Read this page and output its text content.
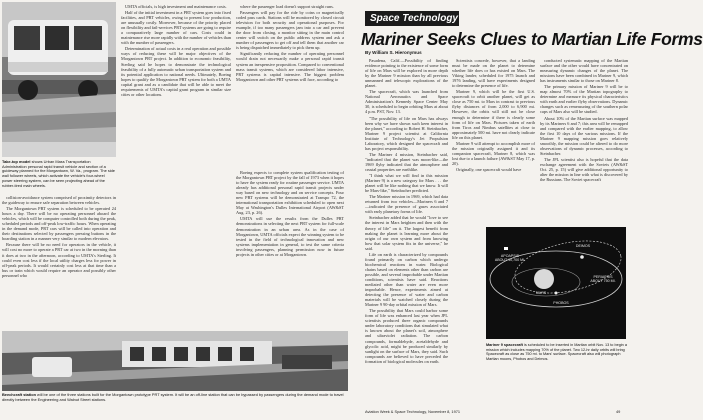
Take-top model shows Urban Mass Transportation Administration personal rapid transit vehicle and section of a guideway planned for the Morgantown, W. Va., program. The side wall follower wheels, which activate the vehicle's four-wheel power steering system, can be seen projecting ahead of the rubber-tired main wheels.

collision-avoidance system comprised of proximity detectors in the guideway to ensure safe separation between vehicles.

The Morgantown PRT system is scheduled to be operated 24 hours a day. There will be no operating personnel aboard the vehicles, which will be computer controlled both during the peak, scheduled periods and off-peak low-traffic hours. When operating in the demand mode, PRT cars will be called into operation and their destinations selected by passengers pressing buttons in the boarding station in a manner very similar to modern elevators.

Because there will be no need for operators in the vehicle, it will cost no more to operate a PRT car at two in the morning than it does at two in the afternoon, according to UMTA's Sterling. It could even cost less if the local utility charges less for power in off-peak periods. It would certainly cost less at that time than a bus or train which would require an operator and possibly other personnel who

UMTA officials, is high investment and maintenance costs.

Half of the initial investment in a PRT system goes into fixed facilities, and PRT vehicles, owing to present low production, are unusually costly. Moreover, because of the priority placed on flexibility and fail-services PRT systems are going to require a comparatively large number of cars. Costs could in maintenance rise more rapidly with the number of vehicles than with the number of passengers.

Determination of actual costs in a real operation and possible ways of reducing these will be major objectives of the Morgantown PRT project. In addition to economic feasibility, Sterling said he hopes to demonstrate the technological feasibility of a fully automatic urban transportation system and its potential application to national needs. Ultimately, Boeing hopes to qualify the Morgantown PRT system for both a UMTA capital grant and as a candidate that will be able to meet the requirements of UMTA's capital grant program in similar size cities or other locations.

where the passenger load doesn't support straight runs.

Passengers will pay for the ride by coins or magnetically coded pass cards. Stations will be monitored by closed circuit television for both security and operational purposes. For example, if too many passengers jam into a car and prevent the door from closing, a monitor sitting in the main control center will switch on the public address system and ask a number of passengers to get off and tell them that another car is being dispatched immediately to pick them up.

Significantly reducing the number of operating personnel would drain not necessarily make a personal rapid transit system an inexpensive proposition. Compared to conventional mass transit systems, which are considered labor intensive, PRT systems is capital intensive. The biggest problem Morgantown and other PRT systems will face, according to

Boeing expects to complete system qualification testing of the Morgantown PRT project by the fall of 1973 when it hopes to have the system ready for routine passenger service. UMTA already has additional personal rapid transit projects under way based on new technology and on service concepts. Four new PRT systems will be demonstrated at Transpo 72, the international transportation exhibition scheduled to open next May at Washington's Dulles International Airport (AW&ST Aug. 23, p. 26).

UMTA will use the results from the Dulles PRT demonstrations in selecting the next PRT system for full-scale demonstration in an urban area. As in the case of Morgantown, UMTA officials expect the winning system to be tested in the field of technological innovation and new systems implementation in general, to test the same criteria involving passengers, planning permission now in future projects in other cities or at Morgantown.

Beechcraft station will be one of the three stations built for the Morgantown prototype PRT system. It will be an off-line station that can be bypassed by passengers during the demand mode to travel directly between the Engineering and Walnut Street stations.
Space Technology
Mariner Seeks Clues to Martian Life Forms
By William S. Hieronymus

Pasadena, Calif.—Possibility of finding evidence pointing to the existence of some form of life on Mars will be explored in more depth by the Mariner 9 mission than by all previous unmanned and telescopic explorations of the planet.

The spacecraft, which was launched from National Aeronautics and Space Administration's Kennedy Space Center May 30, is scheduled to begin orbiting Mars at about 4 p.m. PST, Nov. 13.

"The possibility of life on Mars has always been why we have shown such keen interest in the planet," according to Robert H. Steinbacher, Mariner 9 project scientist at California Institute of Technology's Jet Propulsion Laboratory, which designed the spacecraft and has project responsibility.

The Mariner 4 mission, Steinbacher said, "indicated that the planet was moon-like—the 1969 flyby indicated that the atmosphere and crustal properties are earthlike.

"I think what we will find in this mission (Mariner 9) is a new category for Mars . . . the planet will be like nothing that we know. It will be Mars-like," Steinbacher predicted.

The Mariner mission in 1969, which had data returned from two vehicles—Mariners 6 and 7—indicated the presence of gases associated with early planetary forms of life.

Steinbacher added that he would "love to see the interest in Mars heighten and then with the theory of life" on it. The largest benefit from making the planet is learning more about the origin of our own system and from knowing how that solar system fits in the universe," he said.

Life on earth is characterized by compounds found primarily on carbon which undergo biochemical reactions in water. Biological chains based on elements other than carbon are possible, and several improbable under Martian conditions, scientists have said. Reactions mediated other than water are even more improbable. Hence, experiments aimed at detecting the presence of water and carbon materials will be watched closely during the Mariner 9 90-day orbital mission of Mars.

The possibility that Mars could harbor some form of life was enhanced last year when JPL scientists produced three organic compounds under laboratory conditions that simulated what is known about the planet's soil, atmosphere and ultraviolet radiation. The carbon compounds, formaldehyde, acetaldehyde and glycolic acid, might be produced similarly by sunlight on the surface of Mars, they said. Such compounds are believed to have preceded the formation of biological molecules on earth.

Scientists concede, however, that a landing must be made on the planet to determine whether life does or has existed on Mars. The Viking lander, scheduled for 1975 launch and 1976 landing, will have experiments designed to determine the presence of life.

Mariner 9, which will be the first U.S. spacecraft to orbit another planet, will get as close as 750 mi. to Mars in contrast to previous flyby distances of from 2,000 to 6,900 mi. However, the orbits will still not be close enough to determine if there is clearly some form of life on Mars. Pictures taken of earth from Tiros and Nimbus satellites at close to approximately 500 mi. have not clearly indicate life on this planet.

Mariner 9 will attempt to accomplish more of the mission originally assigned it and its companion spacecraft, Mariner 8, which was lost due to a launch failure (AW&ST May 17, p. 20).

Originally, one spacecraft would have

conducted systematic mapping of the Martian surface and the other would have concentrated on measuring dynamic changes of the planet. The missions have been combined in Mariner 9, which has instruments similar to those on Mariner 8.

The primary mission of Mariner 9 will be to map almost 70% of the Martian topography to determine and measure its physical characteristics with earth and earlier flyby observations. Dynamic changes such as remeasuring of the southern polar caps of Mars also will be studied.

About 10% of the Martian surface was mapped by its Mariners 6 and 7; this area will be remapped and compared with the earlier mapping, to allow the first 10 days of the various missions. If the Mariner 9 mapping mission goes relatively smoothly, the mission could be altered to do more observations of dynamic processes, according to Steinbacher.

The JPL scientist also is hopeful that the data exchange agreement with the Soviets (AW&ST Oct. 25, p. 15) will give additional opportunity to alter the mission in line with what is discovered by the Russians. The Soviet spacecraft

DEIMOS
MARS
PHOBOS
APOAPSIS
ABOUT 10,700 MI.
PERIAPSIS
ABOUT 750 MI.
Mariner 9 spacecraft is scheduled to be inserted in Martian orbit Nov. 13 to begin a mission which includes mapping 70% of the planet. Two 12-hr daily orbits will bring Spacecraft as close as 750 mi. to Mars' surface. Spacecraft also will photograph Martian moons, Phobos and Deimos.
Aviation Week & Space Technology, November 8, 1971	49
